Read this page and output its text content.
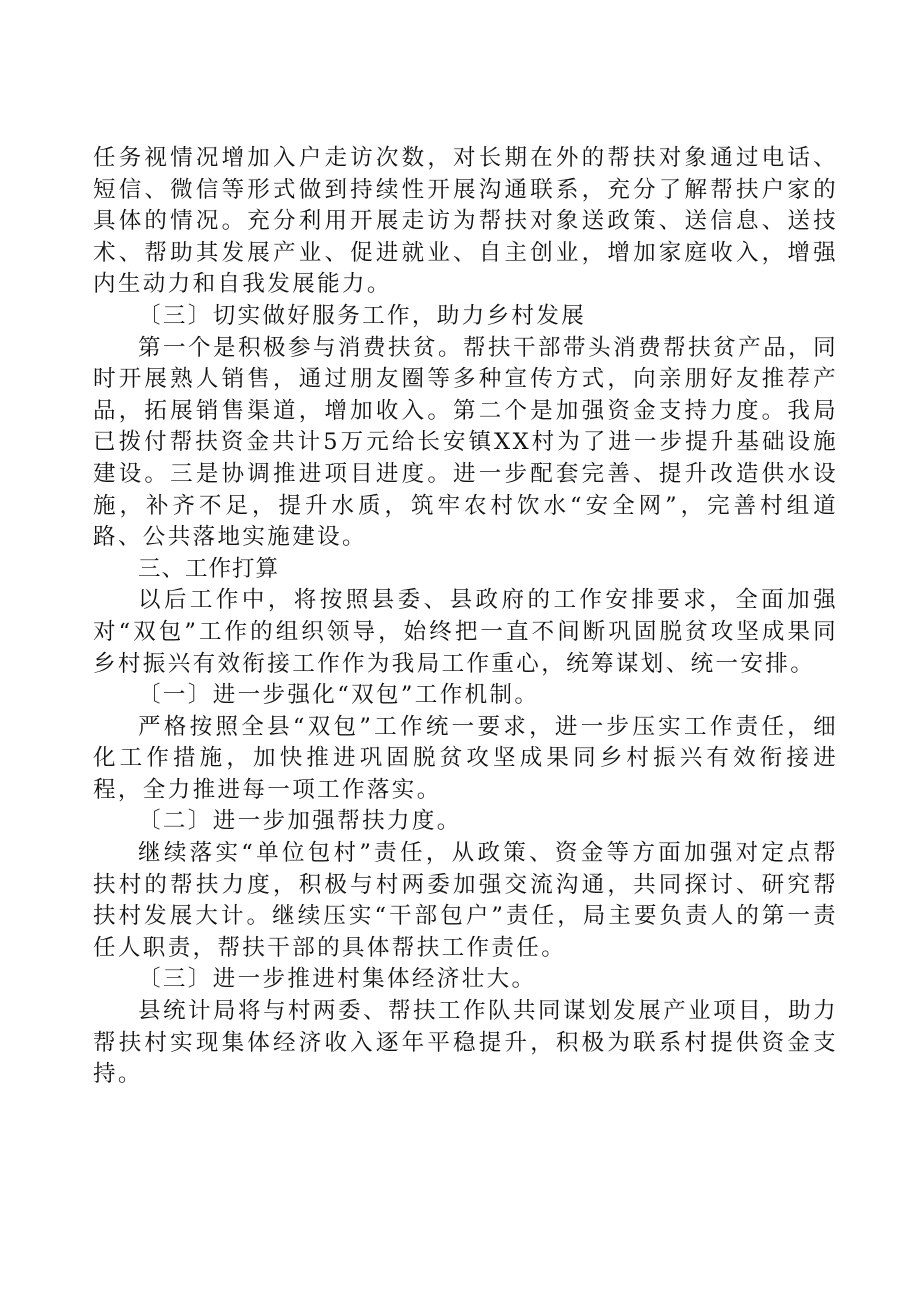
任务视情况增加入户走访次数，对长期在外的帮扶对象通过电话、短信、微信等形式做到持续性开展沟通联系，充分了解帮扶户家的具体的情况。充分利用开展走访为帮扶对象送政策、送信息、送技术、帮助其发展产业、促进就业、自主创业，增加家庭收入，增强内生动力和自我发展能力。

〔三〕切实做好服务工作，助力乡村发展

第一个是积极参与消费扶贫。帮扶干部带头消费帮扶贫产品，同时开展熟人销售，通过朋友圈等多种宣传方式，向亲朋好友推荐产品，拓展销售渠道，增加收入。第二个是加强资金支持力度。我局已拨付帮扶资金共计5万元给长安镇XX村为了进一步提升基础设施建设。三是协调推进项目进度。进一步配套完善、提升改造供水设施，补齐不足，提升水质，筑牢农村饮水“安全网”，完善村组道路、公共落地实施建设。

三、工作打算

以后工作中，将按照县委、县政府的工作安排要求，全面加强对“双包”工作的组织领导，始终把一直不间断巩固脱贫攻坚成果同乡村振兴有效衔接工作作为我局工作重心，统筹谋划、统一安排。

〔一〕进一步强化“双包”工作机制。

严格按照全县“双包”工作统一要求，进一步压实工作责任，细化工作措施，加快推进巩固脱贫攻坚成果同乡村振兴有效衔接进程，全力推进每一项工作落实。

〔二〕进一步加强帮扶力度。

继续落实“单位包村”责任，从政策、资金等方面加强对定点帮扶村的帮扶力度，积极与村两委加强交流沟通，共同探讨、研究帮扶村发展大计。继续压实“干部包户”责任，局主要负责人的第一责任人职责，帮扶干部的具体帮扶工作责任。

〔三〕进一步推进村集体经济壮大。

县统计局将与村两委、帮扶工作队共同谋划发展产业项目，助力帮扶村实现集体经济收入逐年平稳提升，积极为联系村提供资金支持。
